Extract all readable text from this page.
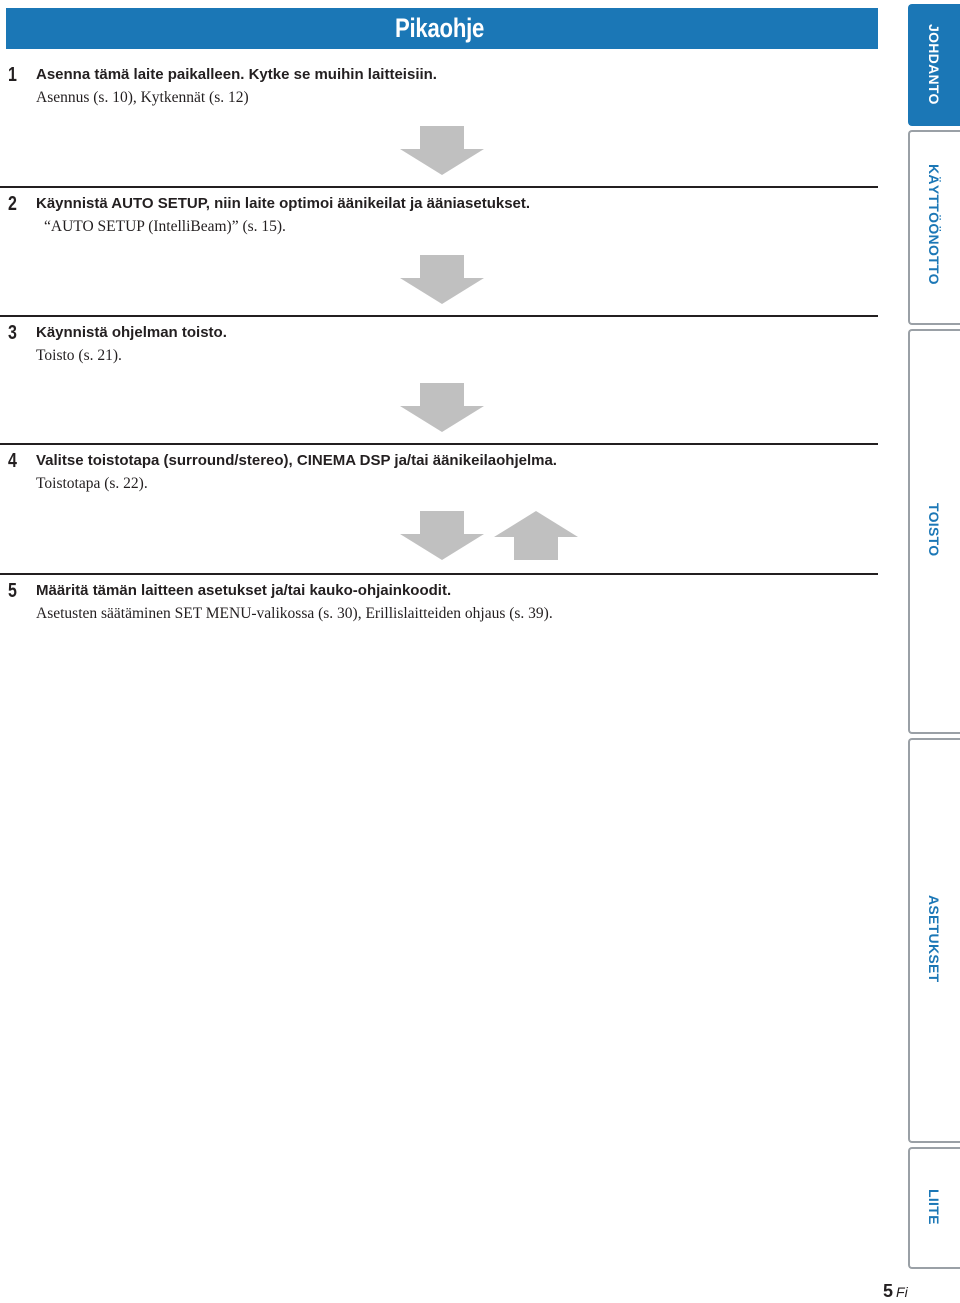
Pikaohje
1 Asenna tämä laite paikalleen. Kytke se muihin laitteisiin.
Asennus (s. 10), Kytkennät (s. 12)
2 Käynnistä AUTO SETUP, niin laite optimoi äänikeilat ja ääniasetukset.
“AUTO SETUP (IntelliBeam)” (s. 15).
3 Käynnistä ohjelman toisto.
Toisto (s. 21).
4 Valitse toistotapa (surround/stereo), CINEMA DSP ja/tai äänikeilaohjelma.
Toistotapa (s. 22).
5 Määritä tämän laitteen asetukset ja/tai kauko-ohjainkoodit.
Asetusten säätäminen SET MENU-valikossa (s. 30), Erillislaitteiden ohjaus (s. 39).
JOHDANTO
KÄYTTÖÖNOTTO
TOISTO
ASETUKSET
LIITE
5 Fi
